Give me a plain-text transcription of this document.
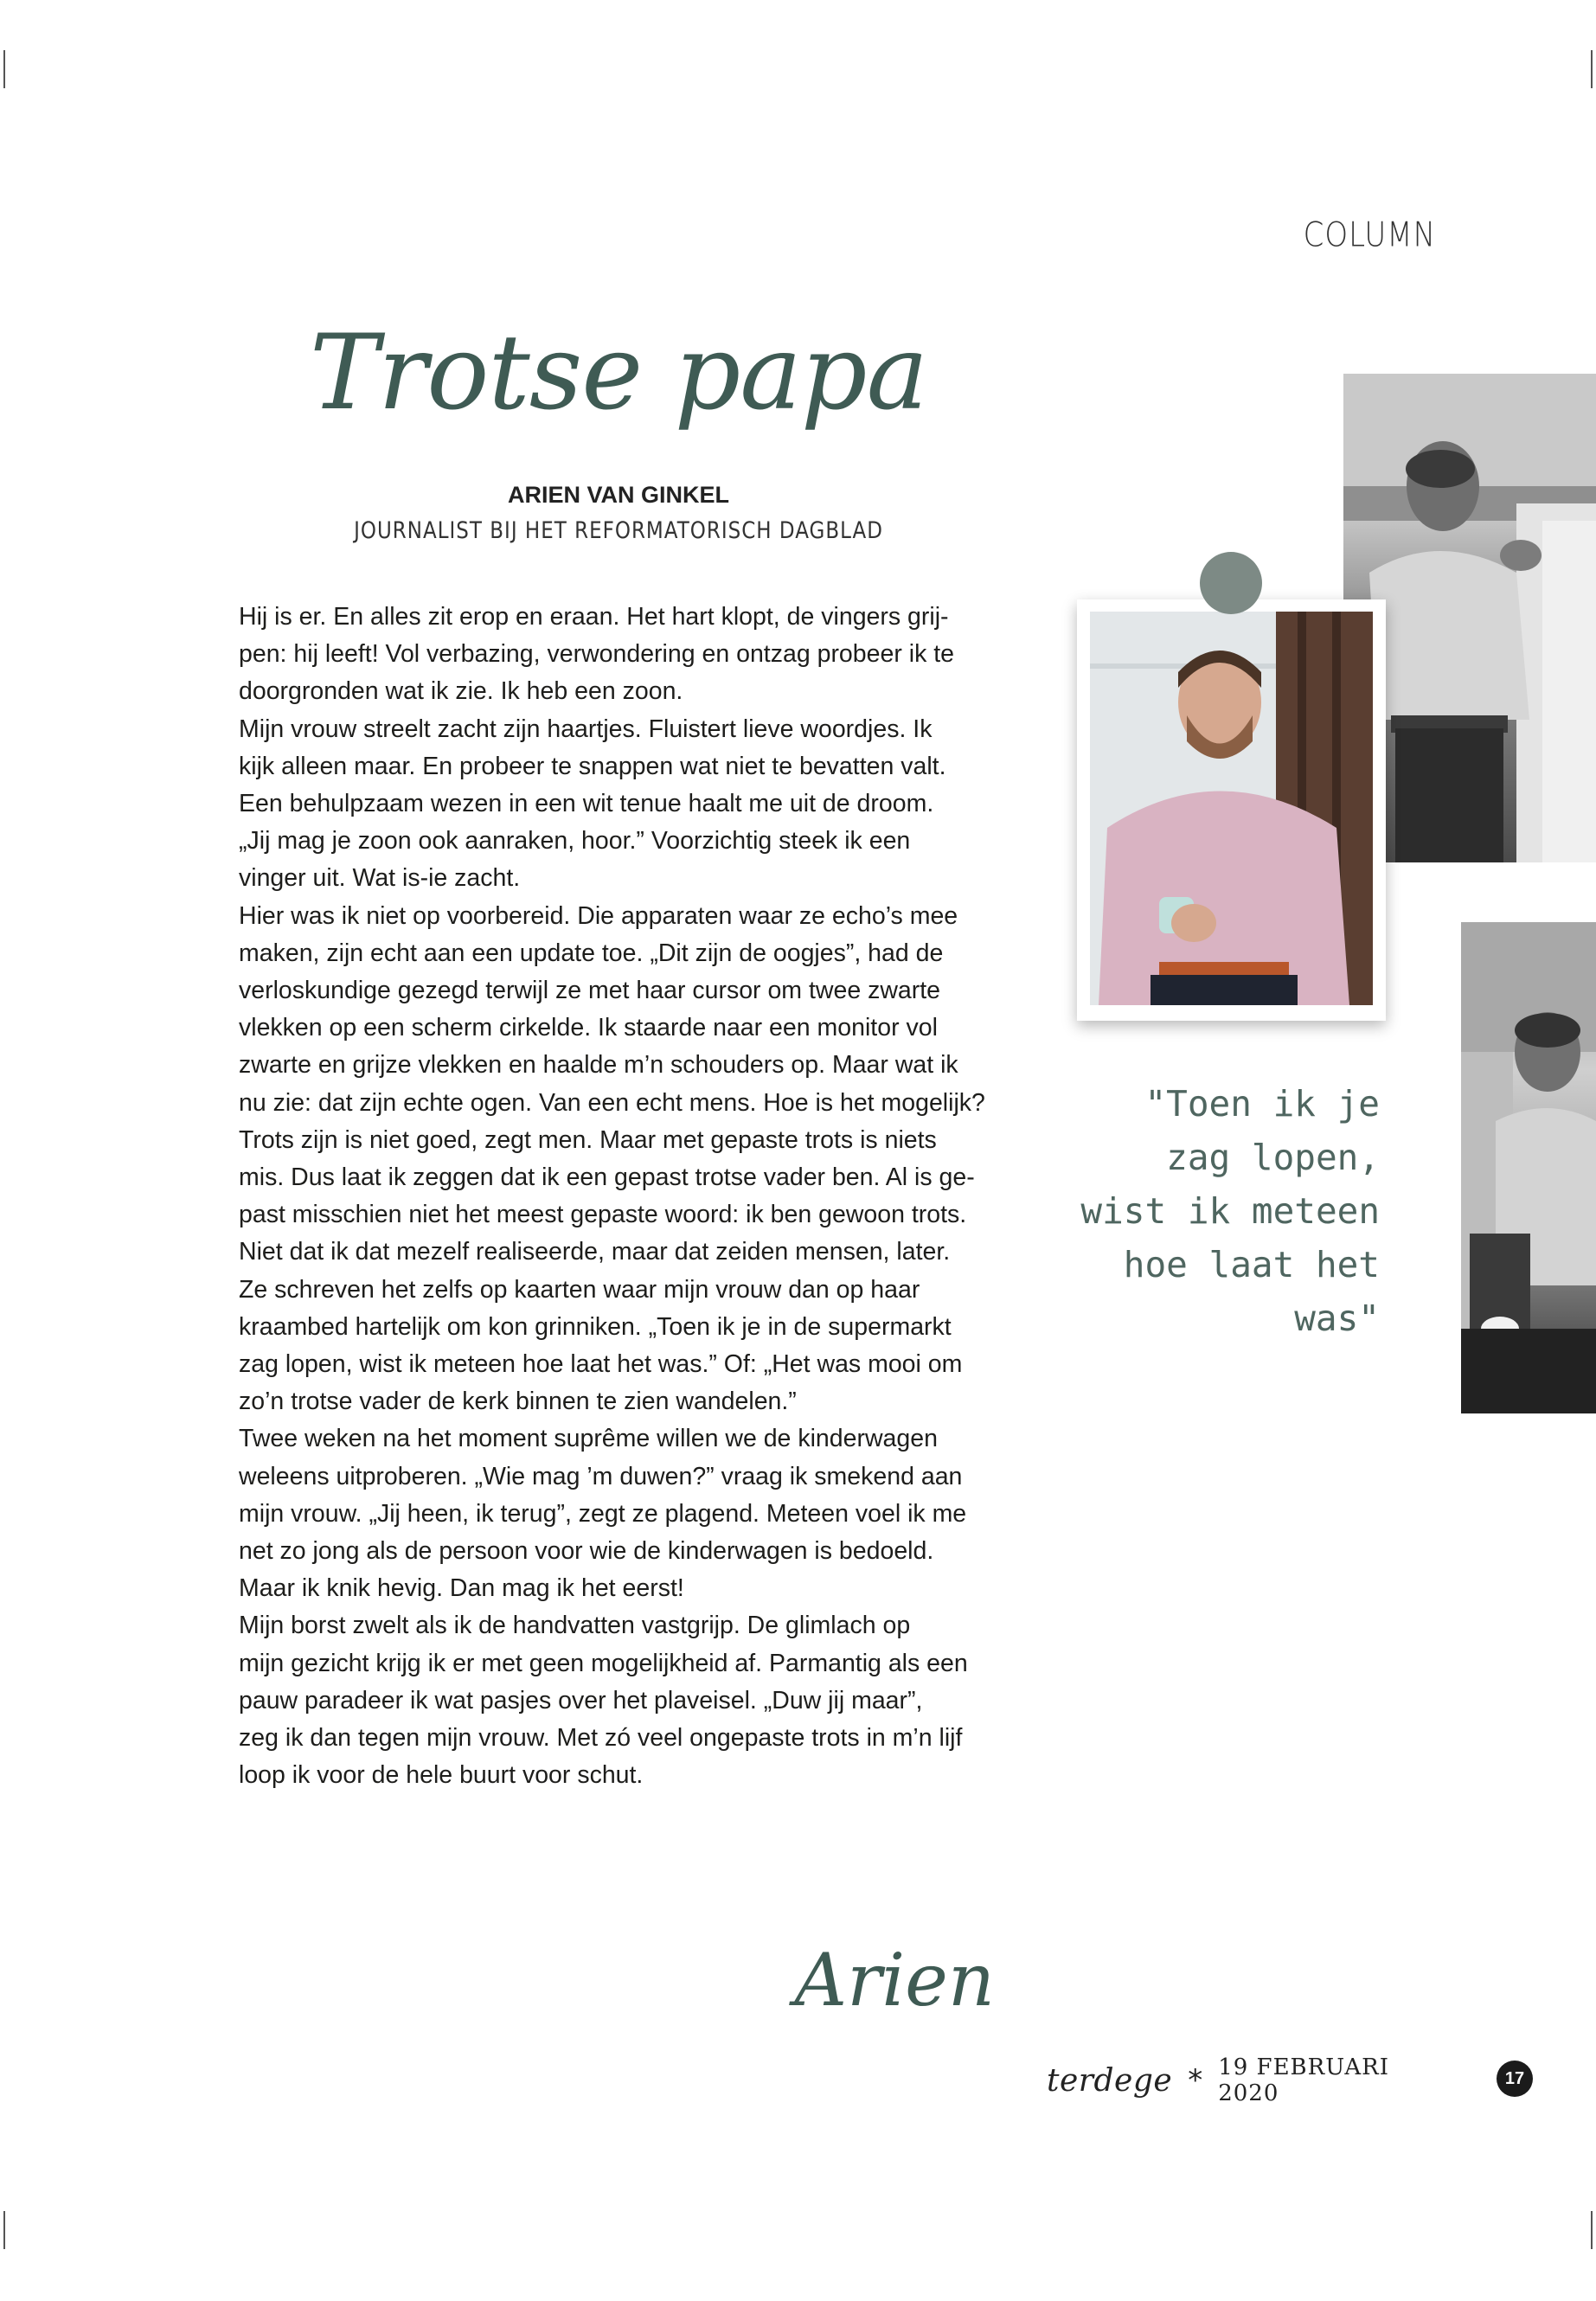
COLUMN
Trotse papa
ARIEN VAN GINKEL
JOURNALIST BIJ HET REFORMATORISCH DAGBLAD

Hij is er. En alles zit erop en eraan. Het hart klopt, de vingers grij-

pen: hij leeft! Vol verbazing, verwondering en ontzag probeer ik te

doorgronden wat ik zie. Ik heb een zoon.

Mijn vrouw streelt zacht zijn haartjes. Fluistert lieve woordjes. Ik

kijk alleen maar. En probeer te snappen wat niet te bevatten valt.

Een behulpzaam wezen in een wit tenue haalt me uit de droom.

„Jij mag je zoon ook aanraken, hoor.” Voorzichtig steek ik een

vinger uit. Wat is-ie zacht.

Hier was ik niet op voorbereid. Die apparaten waar ze echo’s mee

maken, zijn echt aan een update toe. „Dit zijn de oogjes”, had de

verloskundige gezegd terwijl ze met haar cursor om twee zwarte

vlekken op een scherm cirkelde. Ik staarde naar een monitor vol

zwarte en grijze vlekken en haalde m’n schouders op. Maar wat ik

nu zie: dat zijn echte ogen. Van een echt mens. Hoe is het mogelijk?

Trots zijn is niet goed, zegt men. Maar met gepaste trots is niets

mis. Dus laat ik zeggen dat ik een gepast trotse vader ben. Al is ge-

past misschien niet het meest gepaste woord: ik ben gewoon trots.

Niet dat ik dat mezelf realiseerde, maar dat zeiden mensen, later.

Ze schreven het zelfs op kaarten waar mijn vrouw dan op haar

kraambed hartelijk om kon grinniken. „Toen ik je in de supermarkt

zag lopen, wist ik meteen hoe laat het was.” Of: „Het was mooi om

zo’n trotse vader de kerk binnen te zien wandelen.”

Twee weken na het moment suprême willen we de kinderwagen

weleens uitproberen. „Wie mag ’m duwen?” vraag ik smekend aan

mijn vrouw. „Jij heen, ik terug”, zegt ze plagend. Meteen voel ik me

net zo jong als de persoon voor wie de kinderwagen is bedoeld.

Maar ik knik hevig. Dan mag ik het eerst!

Mijn borst zwelt als ik de handvatten vastgrijp. De glimlach op

mijn gezicht krijg ik er met geen mogelijkheid af. Parmantig als een

pauw paradeer ik wat pasjes over het plaveisel. „Duw jij maar”,

zeg ik dan tegen mijn vrouw. Met zó veel ongepaste trots in m’n lijf

loop ik voor de hele buurt voor schut.

"Toen ik je
zag lopen,
wist ik meteen
hoe laat het
was"
Arien
terdege * 19 FEBRUARI 2020
17
